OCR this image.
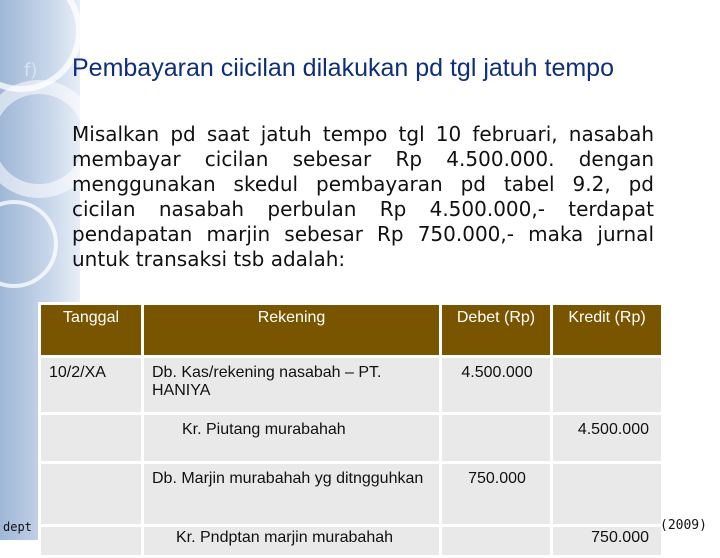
f) Pembayaran ciicilan dilakukan pd tgl jatuh tempo
Misalkan pd saat jatuh tempo tgl 10 februari, nasabah membayar cicilan sebesar Rp 4.500.000. dengan menggunakan skedul pembayaran pd tabel 9.2, pd cicilan nasabah perbulan Rp 4.500.000,- terdapat pendapatan marjin sebesar Rp 750.000,- maka jurnal untuk transaksi tsb adalah:
Tanggal	Rekening	Debet (Rp)	Kredit (Rp)

10/2/XA	Db. Kas/rekening nasabah – PT. HANIYA	4.500.000	

	Kr. Piutang murabahah		4.500.000

	Db. Marjin murabahah yg ditngguhkan	750.000	

	Kr. Pndptan marjin murabahah		750.000
dept	(2009)
